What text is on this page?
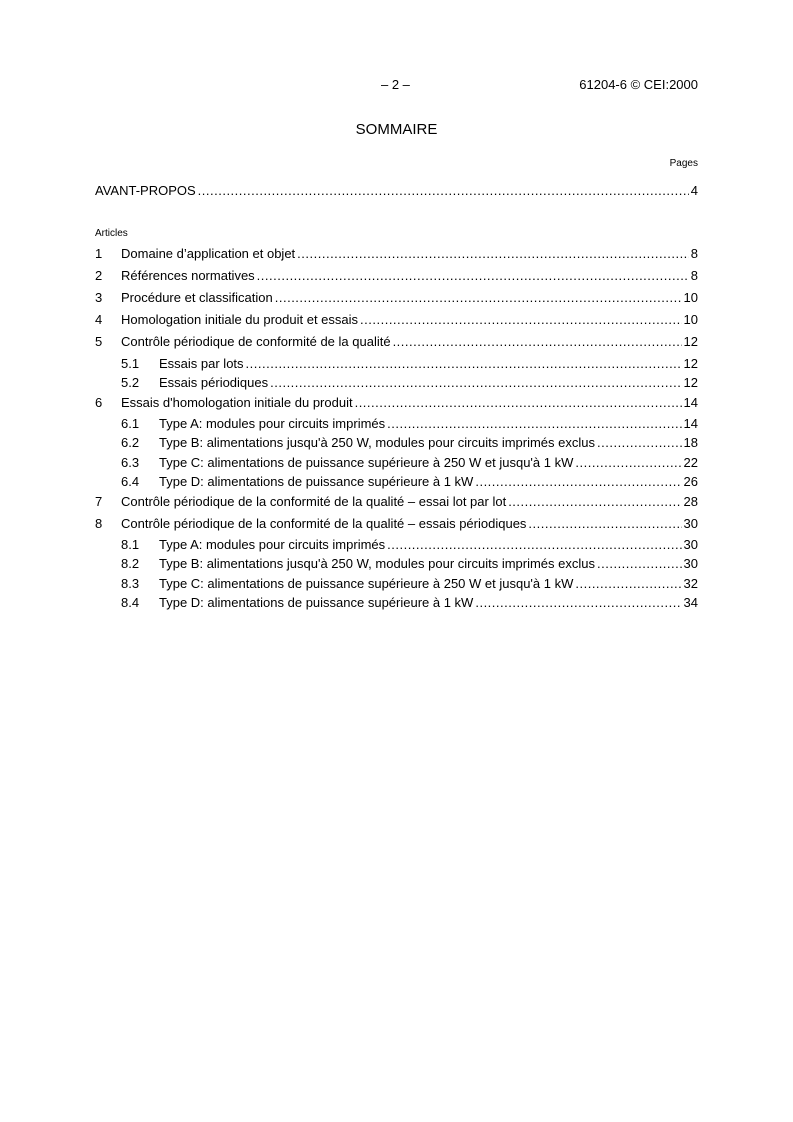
– 2 –	61204-6 © CEI:2000
SOMMAIRE
Pages
AVANT-PROPOS .....	4
Articles
1 Domaine d’application et objet .....	8
2 Références normatives .....	8
3 Procédure et classification .....	10
4 Homologation initiale du produit et essais .....	10
5 Contrôle périodique de conformité de la qualité .....	12
5.1 Essais par lots .....	12
5.2 Essais périodiques .....	12
6 Essais d'homologation initiale du produit .....	14
6.1 Type A: modules pour circuits imprimés .....	14
6.2 Type B: alimentations jusqu'à 250 W, modules pour circuits imprimés exclus .....	18
6.3 Type C: alimentations de puissance supérieure à 250 W et jusqu'à 1 kW .....	22
6.4 Type D: alimentations de puissance supérieure à 1 kW .....	26
7 Contrôle périodique de la conformité de la qualité – essai lot par lot .....	28
8 Contrôle périodique de la conformité de la qualité – essais périodiques .....	30
8.1 Type A: modules pour circuits imprimés .....	30
8.2 Type B: alimentations jusqu'à 250 W, modules pour circuits imprimés exclus .....	30
8.3 Type C: alimentations de puissance supérieure à 250 W et jusqu'à 1 kW .....	32
8.4 Type D: alimentations de puissance supérieure à 1 kW .....	34
